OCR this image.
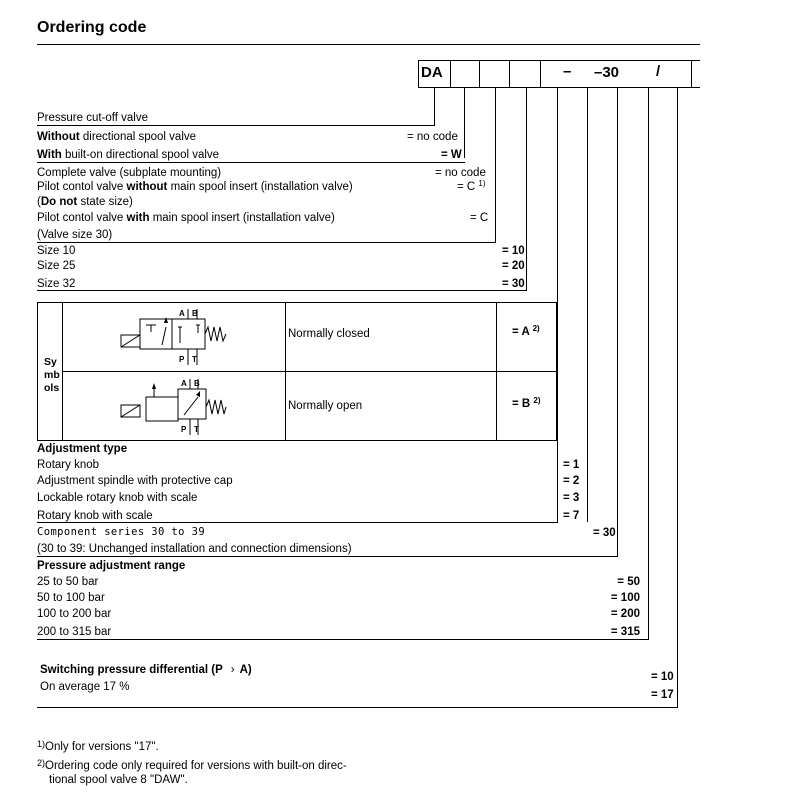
Ordering code
DA	– –30 /
Pressure cut-off valve
Without directional spool valve	= no code
With built-on directional spool valve	= W
Complete valve (subplate mounting)	= no code
Pilot contol valve without main spool insert (installation valve)	= C $^{1)}$
(Do not state size)
Pilot contol valve with main spool insert (installation valve)	= C
(Valve size 30)
Size 10	= 10
Size 25	= 20
Size 32	= 30
Sy
mb
ols
Normally closed	= A $^{2)}$
Normally open	= B $^{2)}$
A B
P T
A B
P T
Adjustment type
Rotary knob	= 1
Adjustment spindle with protective cap	= 2
Lockable rotary knob with scale	= 3
Rotary knob with scale	= 7
Component series 30 to 39	= 30
(30 to 39: Unchanged installation and connection dimensions)
Pressure adjustment range
25 to 50 bar	= 50
50 to 100 bar	= 100
100 to 200 bar	= 200
200 to 315 bar	= 315
Switching pressure differential (P › A)
On average 17 %
= 10
= 17
$^{1)}$Only for versions "17".
$^{2)}$Ordering code only required for versions with built-on direc-
tional spool valve 8 "DAW".
